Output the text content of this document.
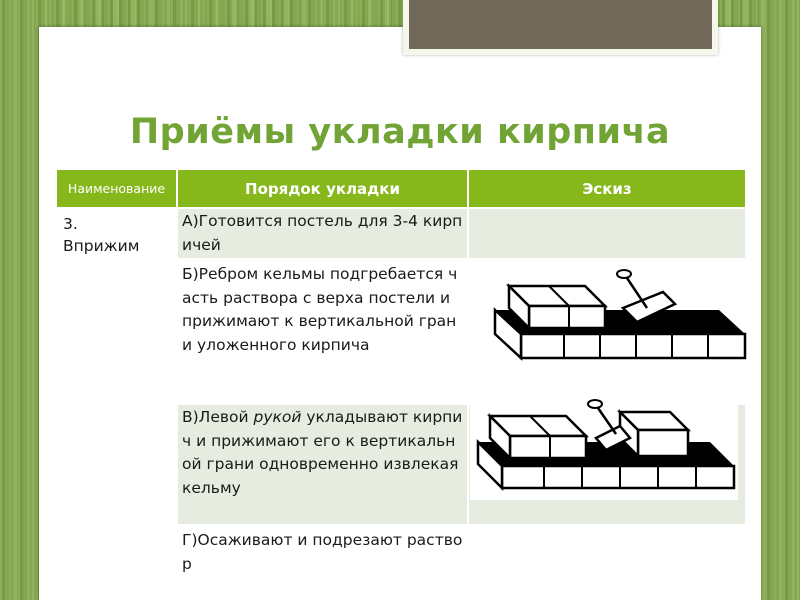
Приёмы укладки кирпича
Наименование	Порядок укладки	Эскиз

3. Вприжим	А)Готовится постель для 3-4 кирпичей	

	Б)Ребром кельмы подгребается часть раствора с верха постели и прижимают к вертикальной грани уложенного кирпича

	В)Левой рукой укладывают кирпич и прижимают его к вертикальной грани одновременно извлекая кельму

	Г)Осаживают и подрезают раствор	
